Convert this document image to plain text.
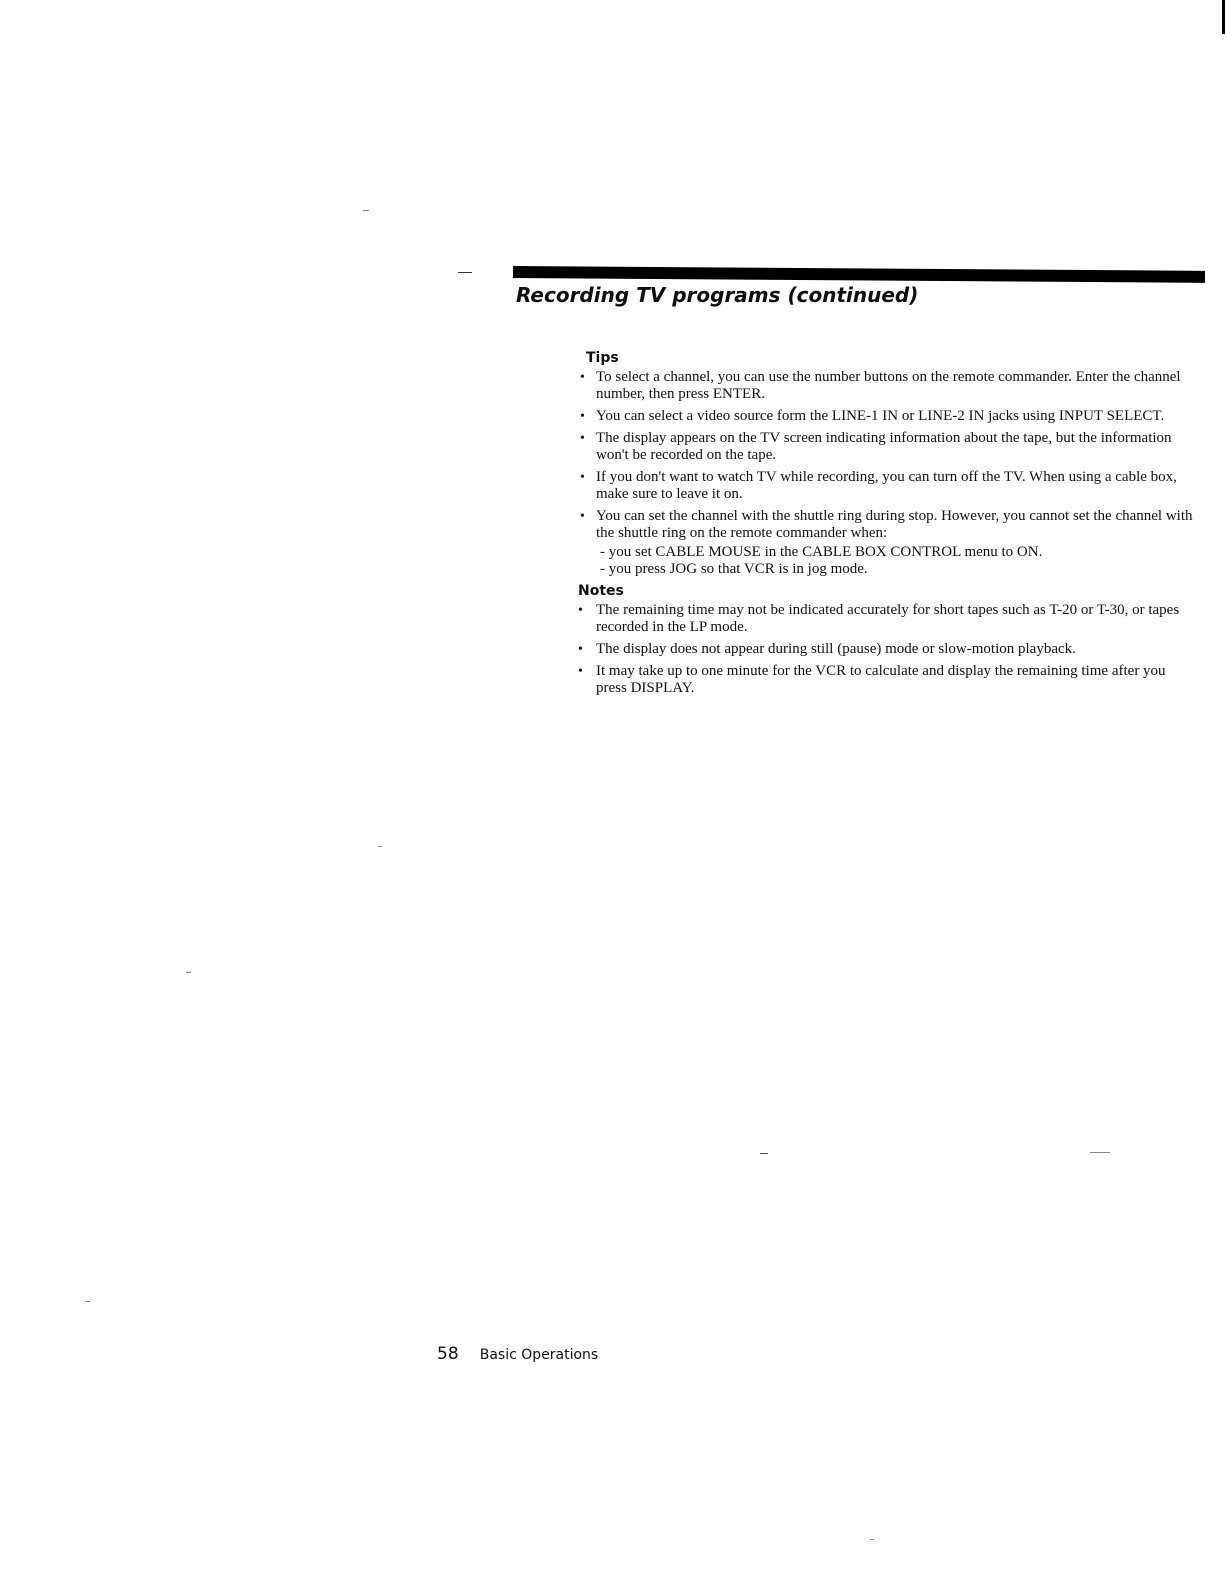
Recording TV programs (continued)
Tips
• To select a channel, you can use the number buttons on the remote commander. Enter the channel number, then press ENTER.
• You can select a video source form the LINE-1 IN or LINE-2 IN jacks using INPUT SELECT.
• The display appears on the TV screen indicating information about the tape, but the information won't be recorded on the tape.
• If you don't want to watch TV while recording, you can turn off the TV. When using a cable box, make sure to leave it on.
• You can set the channel with the shuttle ring during stop. However, you cannot set the channel with the shuttle ring on the remote commander when:
- you set CABLE MOUSE in the CABLE BOX CONTROL menu to ON.
- you press JOG so that VCR is in jog mode.
Notes
• The remaining time may not be indicated accurately for short tapes such as T-20 or T-30, or tapes recorded in the LP mode.
• The display does not appear during still (pause) mode or slow-motion playback.
• It may take up to one minute for the VCR to calculate and display the remaining time after you press DISPLAY.
58 Basic Operations
